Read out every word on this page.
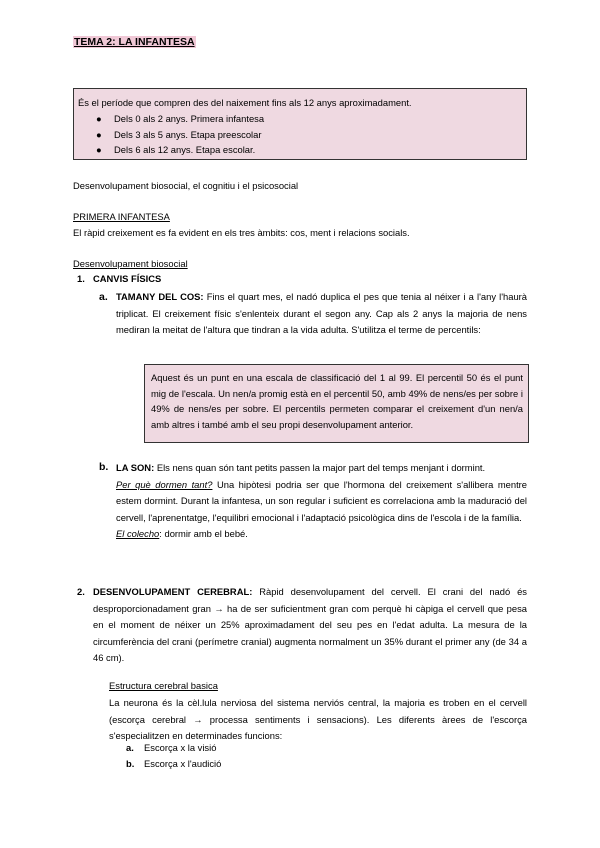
TEMA 2: LA INFANTESA
És el període que compren des del naixement fins als 12 anys aproximadament.
● Dels 0 als 2 anys. Primera infantesa
● Dels 3 als 5 anys. Etapa preescolar
● Dels 6 als 12 anys. Etapa escolar.
Desenvolupament biosocial, el cognitiu i el psicosocial
PRIMERA INFANTESA
El ràpid creixement es fa evident en els tres àmbits: cos, ment i relacions socials.
Desenvolupament biosocial
1. CANVIS FÍSICS
a. TAMANY DEL COS: Fins el quart mes, el nadó duplica el pes que tenia al néixer i a l'any l'haurà triplicat. El creixement físic s'enlenteix durant el segon any. Cap als 2 anys la majoria de nens mediran la meitat de l'altura que tindran a la vida adulta. S'utilitza el terme de percentils:
Aquest és un punt en una escala de classificació del 1 al 99. El percentil 50 és el punt mig de l'escala. Un nen/a promig està en el percentil 50, amb 49% de nens/es per sobre i 49% de nens/es per sobre. El percentils permeten comparar el creixement d'un nen/a amb altres i també amb el seu propi desenvolupament anterior.
b. LA SON: Els nens quan són tant petits passen la major part del temps menjant i dormint.
Per què dormen tant? Una hipòtesi podria ser que l'hormona del creixement s'allibera mentre estem dormint. Durant la infantesa, un son regular i suficient es correlaciona amb la maduració del cervell, l'aprenentatge, l'equilibri emocional i l'adaptació psicològica dins de l'escola i de la família.
El colecho: dormir amb el bebé.
2. DESENVOLUPAMENT CEREBRAL: Ràpid desenvolupament del cervell. El crani del nadó és desproporcionadament gran → ha de ser suficientment gran com perquè hi càpiga el cervell que pesa en el moment de néixer un 25% aproximadament del seu pes en l'edat adulta. La mesura de la circumferència del crani (perímetre cranial) augmenta normalment un 35% durant el primer any (de 34 a 46 cm).
Estructura cerebral basica
La neurona és la cèl.lula nerviosa del sistema nerviós central, la majoria es troben en el cervell (escorça cerebral → processa sentiments i sensacions). Les diferents àrees de l'escorça s'especialitzen en determinades funcions:
a. Escorça x la visió
b. Escorça x l'audició
